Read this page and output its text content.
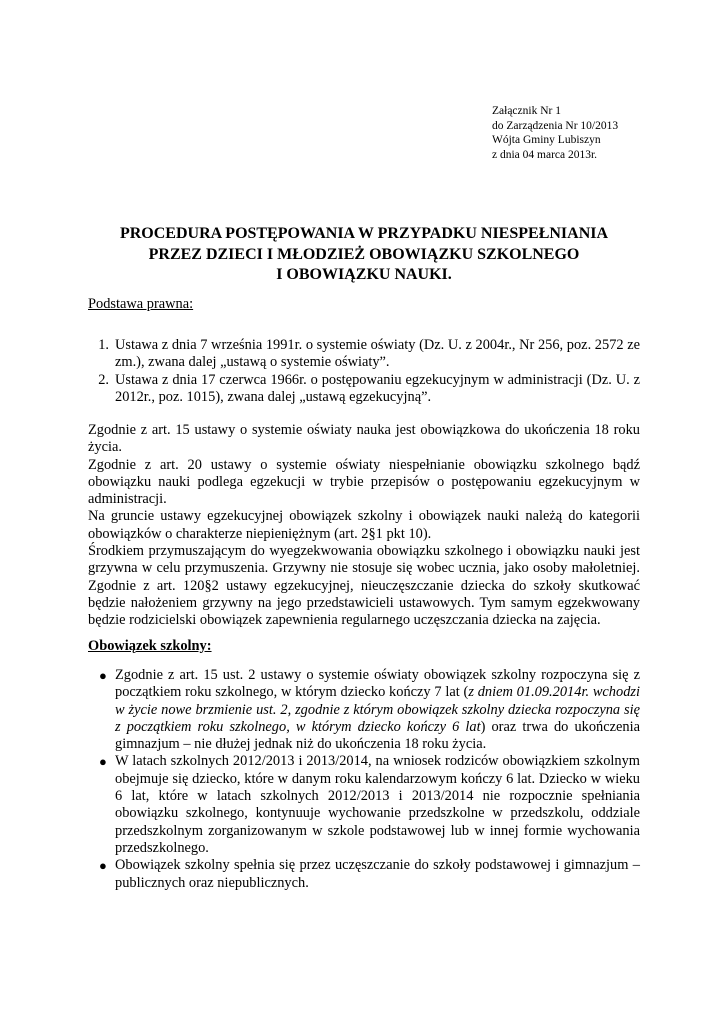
Załącznik Nr 1
do Zarządzenia Nr 10/2013
Wójta Gminy Lubiszyn
z dnia 04 marca 2013r.
PROCEDURA POSTĘPOWANIA W PRZYPADKU NIESPEŁNIANIA
PRZEZ DZIECI I MŁODZIEŻ OBOWIĄZKU SZKOLNEGO
I OBOWIĄZKU NAUKI.
Podstawa prawna:
1. Ustawa z dnia 7 września 1991r. o systemie oświaty (Dz. U. z 2004r., Nr 256, poz. 2572 ze zm.), zwana dalej „ustawą o systemie oświaty”.
2. Ustawa z dnia 17 czerwca 1966r. o postępowaniu egzekucyjnym w administracji (Dz. U. z 2012r., poz. 1015), zwana dalej „ustawą egzekucyjną”.

Zgodnie z art. 15 ustawy o systemie oświaty nauka jest obowiązkowa do ukończenia 18 roku życia.

Zgodnie z art. 20 ustawy o systemie oświaty niespełnianie obowiązku szkolnego bądź obowiązku nauki podlega egzekucji w trybie przepisów o postępowaniu egzekucyjnym w administracji.

Na gruncie ustawy egzekucyjnej obowiązek szkolny i obowiązek nauki należą do kategorii obowiązków o charakterze niepieniężnym (art. 2§1 pkt 10).

Środkiem przymuszającym do wyegzekwowania obowiązku szkolnego i obowiązku nauki jest grzywna w celu przymuszenia. Grzywny nie stosuje się wobec ucznia, jako osoby małoletniej. Zgodnie z art. 120§2 ustawy egzekucyjnej, nieuczęszczanie dziecka do szkoły skutkować będzie nałożeniem grzywny na jego przedstawicieli ustawowych. Tym samym egzekwowany będzie rodzicielski obowiązek zapewnienia regularnego uczęszczania dziecka na zajęcia.

Obowiązek szkolny:
● Zgodnie z art. 15 ust. 2 ustawy o systemie oświaty obowiązek szkolny rozpoczyna się z początkiem roku szkolnego, w którym dziecko kończy 7 lat (z dniem 01.09.2014r. wchodzi w życie nowe brzmienie ust. 2, zgodnie z którym obowiązek szkolny dziecka rozpoczyna się z początkiem roku szkolnego, w którym dziecko kończy 6 lat) oraz trwa do ukończenia gimnazjum – nie dłużej jednak niż do ukończenia 18 roku życia.
● W latach szkolnych 2012/2013 i 2013/2014, na wniosek rodziców obowiązkiem szkolnym obejmuje się dziecko, które w danym roku kalendarzowym kończy 6 lat. Dziecko w wieku 6 lat, które w latach szkolnych 2012/2013 i 2013/2014 nie rozpocznie spełniania obowiązku szkolnego, kontynuuje wychowanie przedszkolne w przedszkolu, oddziale przedszkolnym zorganizowanym w szkole podstawowej lub w innej formie wychowania przedszkolnego.
● Obowiązek szkolny spełnia się przez uczęszczanie do szkoły podstawowej i gimnazjum – publicznych oraz niepublicznych.
